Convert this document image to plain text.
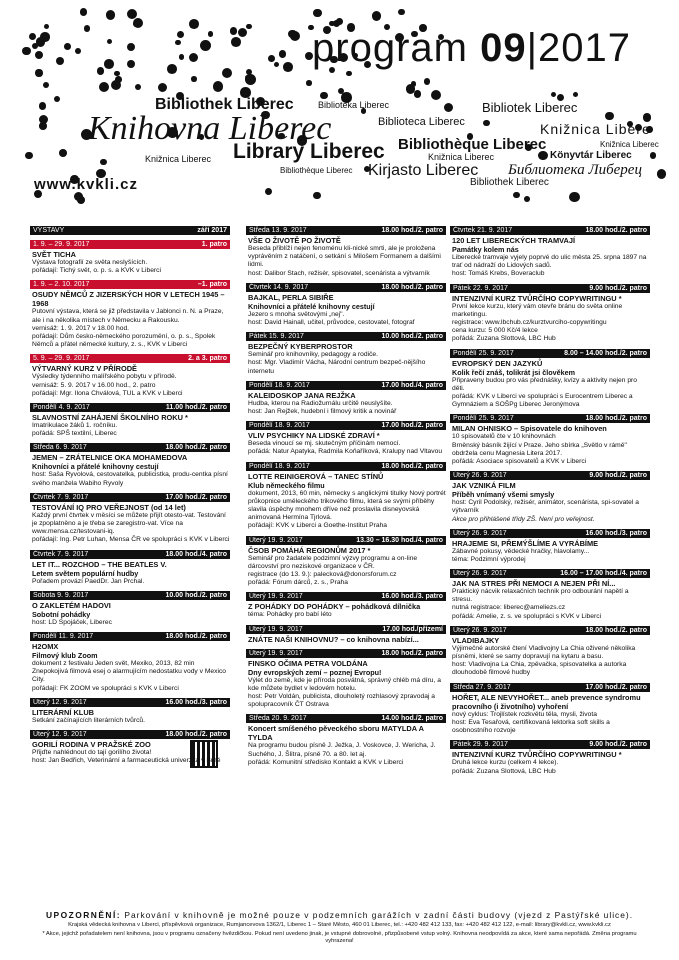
program 09|2017
Bibliothek Liberec	Biblioteka Liberec	Bibliotek Liberec
Knihovna Liberec
Library Liberec
Knižnica Libere
Bibliothèque Liberec
Knižnica Liberec
Knižnica Liberec
Könyvtár Liberec
Kirjasto Liberec
Bibliothèque Liberec	Библиотека Либерец
Bibliothek Liberec
Biblioteca Liberec
Knižnica Liberec
www.kvkli.cz
VÝSTAVY	září 2017
1. 9. – 29. 9. 2017	1. patro
SVĚT TICHA
Výstava fotografií ze světa neslyšících.
pořádají: Tichý svět, o. p. s. a KVK v Liberci
1. 9. – 2. 10. 2017	–1. patro
OSUDY NĚMCŮ Z JIZERSKÝCH HOR V LETECH 1945 – 1968
Putovní výstava, která se již představila v Jablonci n. N. a Praze, ale i na několika místech v Německu a Rakousku.
vernisáž: 1. 9. 2017 v 18.00 hod.
pořádají: Dům česko-německého porozumění, o. p. s., Spolek Němců a přátel německé kultury, z. s., KVK v Liberci
5. 9. – 29. 9. 2017	2. a 3. patro
VÝTVARNÝ KURZ V PŘÍRODĚ
Výsledky týdenního malířského pobytu v přírodě.
vernisáž: 5. 9. 2017 v 16.00 hod., 2. patro
pořádají: Mgr. Ilona Chválová, TUL a KVK v Liberci
Pondělí 4. 9. 2017	11.00 hod./2. patro
SLAVNOSTNÍ ZAHÁJENÍ ŠKOLNÍHO ROKU *
Imatrikulace žáků 1. ročníku.
pořádá: SPŠ textilní, Liberec
Středa 6. 9. 2017	18.00 hod./2. patro
JEMEN – ZRÁTELNICE OKA MOHAMEDOVA
Knihovníci a přátelé knihovny cestují
host: Saša Ryvolová, cestovatelka, publicistka, produ-centka písní svého manžela Wabiho Ryvoly
Čtvrtek 7. 9. 2017	17.00 hod./2. patro
TESTOVÁNÍ IQ PRO VEŘEJNOST (od 14 let)
Každý první čtvrtek v měsíci se můžete přijít otesto-vat. Testování je zpoplatněno a je třeba se zaregistro-vat. Více na www.mensa.cz/testovani-iq.
pořádají: Ing. Petr Luhan, Mensa ČR ve spolupráci s KVK v Liberci
Čtvrtek 7. 9. 2017	18.00 hod./4. patro
LET IT... ROZCHOD – THE BEATLES V.
Letem světem populární hudby
Pořadem provází PaedDr. Jan Prchal.
Sobota 9. 9. 2017	10.00 hod./2. patro
O ZAKLETÉM HADOVI
Sobotní pohádky
host: LD Spojáček, Liberec
Pondělí 11. 9. 2017	18.00 hod./2. patro
H2OMX
Filmový klub Zoom
dokument z festivalu Jeden svět, Mexiko, 2013, 82 min Znepokojivá filmová esej o alarmujícím nedostatku vody v Mexico City.
pořádají: FK ZOOM ve spolupráci s KVK v Liberci
Úterý 12. 9. 2017	16.00 hod./3. patro
LITERÁRNÍ KLUB
Setkání začínajících literárních tvůrců.
Úterý 12. 9. 2017	18.00 hod./2. patro
GORILÍ RODINA V PRAŽSKÉ ZOO
Přijďte nahlédnout do tají gorilího života!
host: Jan Bedřich, Veterinární a farmaceutická univerzita v Brně
Středa 13. 9. 2017	18.00 hod./2. patro
VŠE O ŽIVOTĚ PO ŽIVOTĚ
Beseda přiblíží nejen fenoménu kli-nické smrti, ale je proložena vyprávěním z natáčení, o setkání s Milošem Formanem a dalšími lidmi.
host: Dalibor Stach, režisér, spisovatel, scenárista a výtvarník
Čtvrtek 14. 9. 2017	18.00 hod./2. patro
BAJKAL, PERLA SIBIŘE
Knihovníci a přátelé knihovny cestují
Jezero s mnoha světovými „nej".
host: David Hainall, učitel, průvodce, cestovatel, fotograf
Pátek 15. 9. 2017	10.00 hod./2. patro
BEZPEČNÝ KYBERPROSTOR
Seminář pro knihovníky, pedagogy a rodiče.
host: Mgr. Vladimír Vácha, Národní centrum bezpeč-nějšího internetu
Pondělí 18. 9. 2017	17.00 hod./4. patro
KALEIDOSKOP JANA REJŽKA
Hudba, kterou na Radiožurnálu určitě neuslyšíte.
host: Jan Rejžek, hudební i filmový kritik a novinář
Pondělí 18. 9. 2017	17.00 hod./2. patro
VLIV PSYCHIKY NA LIDSKÉ ZDRAVÍ *
Beseda vinoucí se mj. skutečným příčinám nemocí.
pořádá: Natur Apatyka, Radmila Koňaříková, Kralupy nad Vltavou
Pondělí 18. 9. 2017	18.00 hod./2. patro
LOTTE REINIGEROVÁ – TANEC STÍNŮ
Klub německého filmu
dokument, 2013, 60 min, německy s anglickými titulky Nový portrét průkopnice uměleckého trikového filmu, která se svými příběhy slavila úspěchy mnohem dříve než proslavila disneyovská animovaná Hermína Tjrlová.
pořádají: KVK v Liberci a Goethe-Institut Praha
Úterý 19. 9. 2017	13.30 – 16.30 hod./4. patro
ČSOB POMÁHÁ REGIONŮM 2017 *
Seminář pro žadatele podzimní výzvy programu a on-line dárcovství pro neziskové organizace v ČR.
registrace (do 13. 9.): palecková@donorsforum.cz
pořádá: Fórum dárců, z. s., Praha
Úterý 19. 9. 2017	16.00 hod./3. patro
Z POHÁDKY DO POHÁDKY – pohádková dílnička
téma: Pohádky pro babí léto
Úterý 19. 9. 2017	17.00 hod./přízemí
ZNÁTE NAŠI KNIHOVNU? – co knihovna nabízí...
Úterý 19. 9. 2017	18.00 hod./2. patro
FINSKO OČIMA PETRA VOLDÁNA
Dny evropských zemí – poznej Evropu!
Výlet do země, kde je příroda posvátná, správný chléb má díru, a kde můžete bydlet v ledovém hotelu.
host: Petr Voldán, publicista, dlouholetý rozhlasový zpravodaj a spolupracovník ČT Ostrava
Středa 20. 9. 2017	14.00 hod./2. patro
Koncert smíšeného pěveckého sboru MATYLDA A TYLDA
Na programu budou písně J. Ježka, J. Voskovce, J. Wericha, J. Suchého, J. Šlitra, písně 70. a 80. let aj.
pořádá: Komunitní středisko Kontakt a KVK v Liberci
Čtvrtek 21. 9. 2017	18.00 hod./2. patro
120 LET LIBERECKÝCH TRAMVAJÍ
Památky kolem nás
Liberecké tramvaje vyjely poprvé do ulic města 25. srpna 1897 na trať od nádraží do Lidových sadů.
host: Tomáš Krebs, Boveraclub
Pátek 22. 9. 2017	9.00 hod./2. patro
INTENZIVNÍ KURZ TVŮRČÍHO COPYWRITINGU *
První lekce kurzu, který vám otevře bránu do světa online marketingu.
registrace: www.lbchub.cz/kurztvurciho-copywritingu
cena kurzu: 5 000 Kč/4 lekce
pořádá: Zuzana Slottová, LBC Hub
Pondělí 25. 9. 2017	8.00 – 14.00 hod./2. patro
EVROPSKÝ DEN JAZYKŮ
Kolik řečí znáš, tolikrát jsi člověkem
Připraveny budou pro vás přednášky, kvízy a aktivity nejen pro děti.
pořádá: KVK v Liberci ve spolupráci s Eurocentrem Liberec a Gymnáziem a SOŠPg Liberec Jeronýmova
Pondělí 25. 9. 2017	18.00 hod./2. patro
MILAN OHNISKO – Spisovatele do knihoven
10 spisovatelů čte v 10 knihovnách
Brněnský básník žijící v Praze. Jeho sbírka „Světlo v rámě" obdržela cenu Magnesia Litera 2017.
pořádá: Asociace spisovatelů a KVK v Liberci
Úterý 26. 9. 2017	9.00 hod./2. patro
JAK VZNIKÁ FILM
Příběh vnímaný všemi smysly
host: Cyril Podolský, režisér, animátor, scenárista, spi-sovatel a výtvarník
Akce pro přihlášené třídy ZŠ. Není pro veřejnost.
Úterý 26. 9. 2017	16.00 hod./3. patro
HRAJEME SI, PŘEMÝŠLÍME A VYRÁBÍME
Zábavné pokusy, vědecké hračky, hlavolamy...
téma: Podzimní výprodej
Úterý 26. 9. 2017	16.00 – 17.00 hod./4. patro
JAK NA STRES PŘI NEMOCI A NEJEN PŘI NÍ...
Praktický nácvik relaxačních technik pro odbourání napětí a stresu.
nutná registrace: liberec@ameliezs.cz
pořádá: Amelie, z. s. ve spolupráci s KVK v Liberci
Úterý 26. 9. 2017	18.00 hod./2. patro
VLADIBAJKY
Výjimečné autorské čtení Vladivojny La Chia oživené několika písněmi, které se samy dopravují na kytaru a basu.
host: Vladivojna La Chia, zpěvačka, spisovatelka a autorka dlouhodobě filmové hudby
Středa 27. 9. 2017	17.00 hod./2. patro
HOŘET, ALE NEVYHOŘET... aneb prevence syndromu pracovního (i životního) vyhoření
nový cyklus: Trojlístek rozkvětu těla, mysli, života
host: Eva Tesařová, certifikovaná lektorka soft skills a osobnostního rozvoje
Pátek 29. 9. 2017	9.00 hod./2. patro
INTENZIVNÍ KURZ TVŮRČÍHO COPYWRITINGU *
Druhá lekce kurzu (celkem 4 lekce).
pořádá: Zuzana Slottová, LBC Hub
UPOZORNĚNÍ: Parkování v knihovně je možné pouze v podzemních garážích v zadní části budovy (vjezd z Pastýřské ulice).
Krajská vědecká knihovna v Liberci, příspěvková organizace, Rumjancevova 1362/1, Liberec 1 – Staré Město, 460 01 Liberec, tel.: +420 482 412 133, fax: +420 482 412 122, e-mail: library@kvkli.cz, www.kvkli.cz
* Akce, jejichž pořadatelem není knihovna, jsou v programu označeny hvězdičkou. Pokud není uvedeno jinak, je vstupné dobrovolné, přizpůsobené vstup volný. Knihovna neodpovídá za akce, které sama nepořádá. Změna programu vyhrazena!
